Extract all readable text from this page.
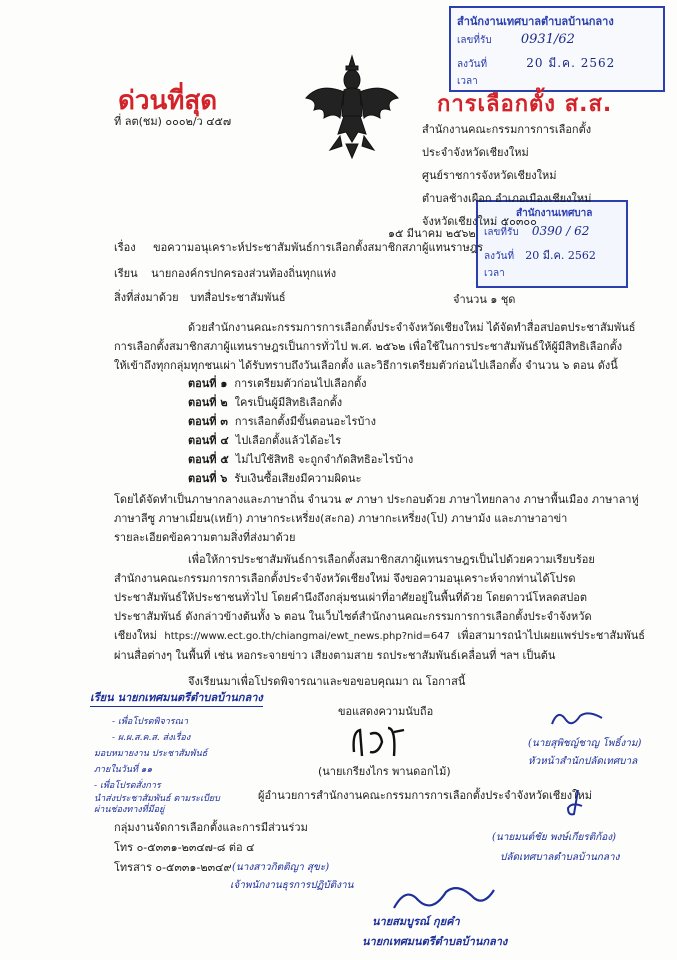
สำนักงานเทศบาลตำบลบ้านกลาง
เลขที่รับ 0931/62
ลงวันที่	20 มี.ค. 2562
เวลา
สำนักงานเทศบาล
เลขที่รับ 0390 / 62
ลงวันที่ 20 มี.ค. 2562
เวลา
ด่วนที่สุด
ที่ ลต(ชม) ๐๐๐๒/ว ๔๕๗
การเลือกตั้ง ส.ส.
สำนักงานคณะกรรมการการเลือกตั้ง
ประจำจังหวัดเชียงใหม่
ศูนย์ราชการจังหวัดเชียงใหม่
ตำบลช้างเผือก อำเภอเมืองเชียงใหม่
จังหวัดเชียงใหม่ ๕๐๓๐๐
๑๕ มีนาคม ๒๕๖๒
เรื่อง ขอความอนุเคราะห์ประชาสัมพันธ์การเลือกตั้งสมาชิกสภาผู้แทนราษฎร
เรียน นายกองค์กรปกครองส่วนท้องถิ่นทุกแห่ง
สิ่งที่ส่งมาด้วย บทสื่อประชาสัมพันธ์	จำนวน ๑ ชุด
ด้วยสำนักงานคณะกรรมการการเลือกตั้งประจำจังหวัดเชียงใหม่ ได้จัดทำสื่อสปอตประชาสัมพันธ์
การเลือกตั้งสมาชิกสภาผู้แทนราษฎรเป็นการทั่วไป พ.ศ. ๒๕๖๒ เพื่อใช้ในการประชาสัมพันธ์ให้ผู้มีสิทธิเลือกตั้ง
ให้เข้าถึงทุกกลุ่มทุกชนเผ่า ได้รับทราบถึงวันเลือกตั้ง และวิธีการเตรียมตัวก่อนไปเลือกตั้ง จำนวน ๖ ตอน ดังนี้
ตอนที่ ๑ การเตรียมตัวก่อนไปเลือกตั้ง
ตอนที่ ๒ ใครเป็นผู้มีสิทธิเลือกตั้ง
ตอนที่ ๓ การเลือกตั้งมีขั้นตอนอะไรบ้าง
ตอนที่ ๔ ไปเลือกตั้งแล้วได้อะไร
ตอนที่ ๕ ไม่ไปใช้สิทธิ จะถูกจำกัดสิทธิอะไรบ้าง
ตอนที่ ๖ รับเงินซื้อเสียงมีความผิดนะ
โดยได้จัดทำเป็นภาษากลางและภาษาถิ่น จำนวน ๙ ภาษา ประกอบด้วย ภาษาไทยกลาง ภาษาพื้นเมือง ภาษาลาหู่
ภาษาลีซู ภาษาเมี่ยน(เหย้า) ภาษากระเหรี่ยง(สะกอ) ภาษากะเหรี่ยง(โป) ภาษาม้ง และภาษาอาข่า
รายละเอียดข้อความตามสิ่งที่ส่งมาด้วย
เพื่อให้การประชาสัมพันธ์การเลือกตั้งสมาชิกสภาผู้แทนราษฎรเป็นไปด้วยความเรียบร้อย
สำนักงานคณะกรรมการการเลือกตั้งประจำจังหวัดเชียงใหม่ จึงขอความอนุเคราะห์จากท่านได้โปรด
ประชาสัมพันธ์ให้ประชาชนทั่วไป โดยคำนึงถึงกลุ่มชนเผ่าที่อาศัยอยู่ในพื้นที่ด้วย โดยดาวน์โหลดสปอต
ประชาสัมพันธ์ ดังกล่าวข้างต้นทั้ง ๖ ตอน ในเว็บไซต์สำนักงานคณะกรรมการการเลือกตั้งประจำจังหวัด
เชียงใหม่ https://www.ect.go.th/chiangmai/ewt_news.php?nid=647 เพื่อสามารถนำไปเผยแพร่ประชาสัมพันธ์
ผ่านสื่อต่างๆ ในพื้นที่ เช่น หอกระจายข่าว เสียงตามสาย รถประชาสัมพันธ์เคลื่อนที่ ฯลฯ เป็นต้น
จึงเรียนมาเพื่อโปรดพิจารณาและขอขอบคุณมา ณ โอกาสนี้
เรียน นายกเทศมนตรีตำบลบ้านกลาง
- เพื่อโปรดพิจารณา
- ผ.ผ.ส.ค.ส. ส่งเรื่อง
มอบหมายงาน ประชาสัมพันธ์
ภายในวันที่ ๑๑
- เพื่อโปรดสั่งการ
นำส่งประชาสัมพันธ์ ตามระเบียบ
ผ่านช่องทางที่มีอยู่
ขอแสดงความนับถือ
(นายเกรียงไกร พานดอกไม้)
ผู้อำนวยการสำนักงานคณะกรรมการการเลือกตั้งประจำจังหวัดเชียงใหม่
กลุ่มงานจัดการเลือกตั้งและการมีส่วนร่วม
โทร ๐-๕๓๓๑-๒๓๔๗-๘ ต่อ ๔
โทรสาร ๐-๕๓๓๑-๒๓๔๙ (นางสาวกิตติญา สุขะ)
เจ้าพนักงานธุรการปฏิบัติงาน
(นายสุพิชญ์ชาญ โพธิ์งาม)
หัวหน้าสำนักปลัดเทศบาล
(นายมนต์ชัย พงษ์เกียรติก้อง)
ปลัดเทศบาลตำบลบ้านกลาง
นายสมบูรณ์ กุยคำ
นายกเทศมนตรีตำบลบ้านกลาง
